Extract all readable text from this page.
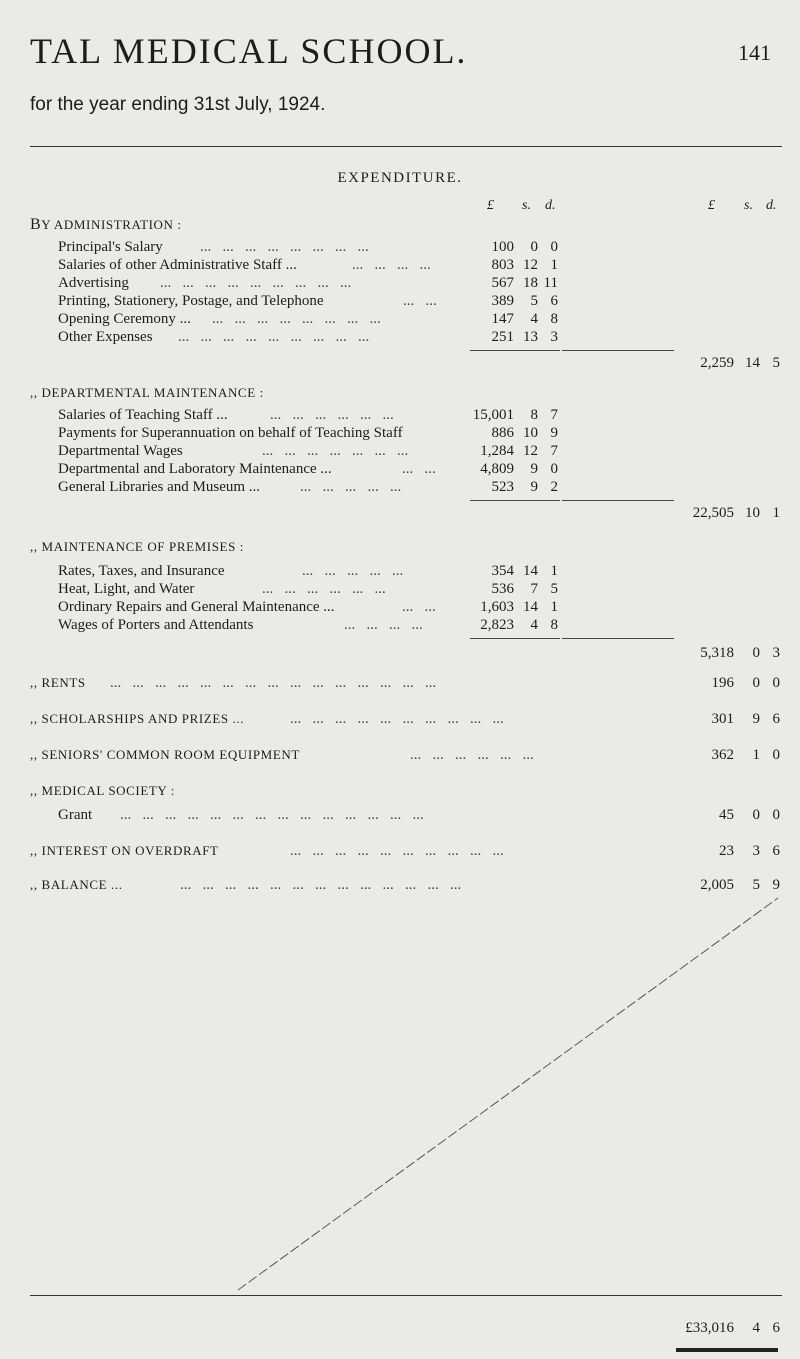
TAL MEDICAL SCHOOL.	141
for the year ending 31st July, 1924.
EXPENDITURE.
£ s. d.	£ s. d.
BY ADMINISTRATION :
Principal's Salary ...   ...   ...   ...   ...   ...   ...   ...	100	0 0
Salaries of other Administrative Staff ...	...   ...   ...   ...	803 12 1
Advertising ...   ...   ...   ...   ...   ...   ...   ...   ...	567 18 11
Printing, Stationery, Postage, and Telephone	...   ...	389	5 6
Opening Ceremony ... ...   ...   ...   ...   ...   ...   ...   ...	147	4 8
Other Expenses ...   ...   ...   ...   ...   ...   ...   ...   ...	251 13 3
2,259 14 5
,, DEPARTMENTAL MAINTENANCE :
Salaries of Teaching Staff ...	...   ...   ...   ...   ...   ...	15,001	8 7
Payments for Superannuation on behalf of Teaching Staff	886 10 9
Departmental Wages	...   ...   ...   ...   ...   ...   ...	1,284 12 7
Departmental and Laboratory Maintenance ...	...   ...	4,809	9 0
General Libraries and Museum ...	...   ...   ...   ...   ...	523	9 2
22,505 10 1
,, MAINTENANCE OF PREMISES :
Rates, Taxes, and Insurance	...   ...   ...   ...   ...	354 14 1
Heat, Light, and Water	...   ...   ...   ...   ...   ...	536	7 5
Ordinary Repairs and General Maintenance ...	...   ...	1,603 14 1
Wages of Porters and Attendants	...   ...   ...   ...	2,823	4 8
5,318	0 3
,, RENTS ...   ...   ...   ...   ...   ...   ...   ...   ...   ...   ...   ...   ...   ...   ...	196	0 0
,, SCHOLARSHIPS AND PRIZES ...	...   ...   ...   ...   ...   ...   ...   ...   ...   ...	301	9 6
,, SENIORS' COMMON ROOM EQUIPMENT	...   ...   ...   ...   ...   ...	362	1 0
,, MEDICAL SOCIETY :
Grant ...   ...   ...   ...   ...   ...   ...   ...   ...   ...   ...   ...   ...   ...	45	0 0
,, INTEREST ON OVERDRAFT	...   ...   ...   ...   ...   ...   ...   ...   ...   ...	23	3 6
,, BALANCE ...	...   ...   ...   ...   ...   ...   ...   ...   ...   ...   ...   ...   ...	2,005	5 9
£33,016	4 6
